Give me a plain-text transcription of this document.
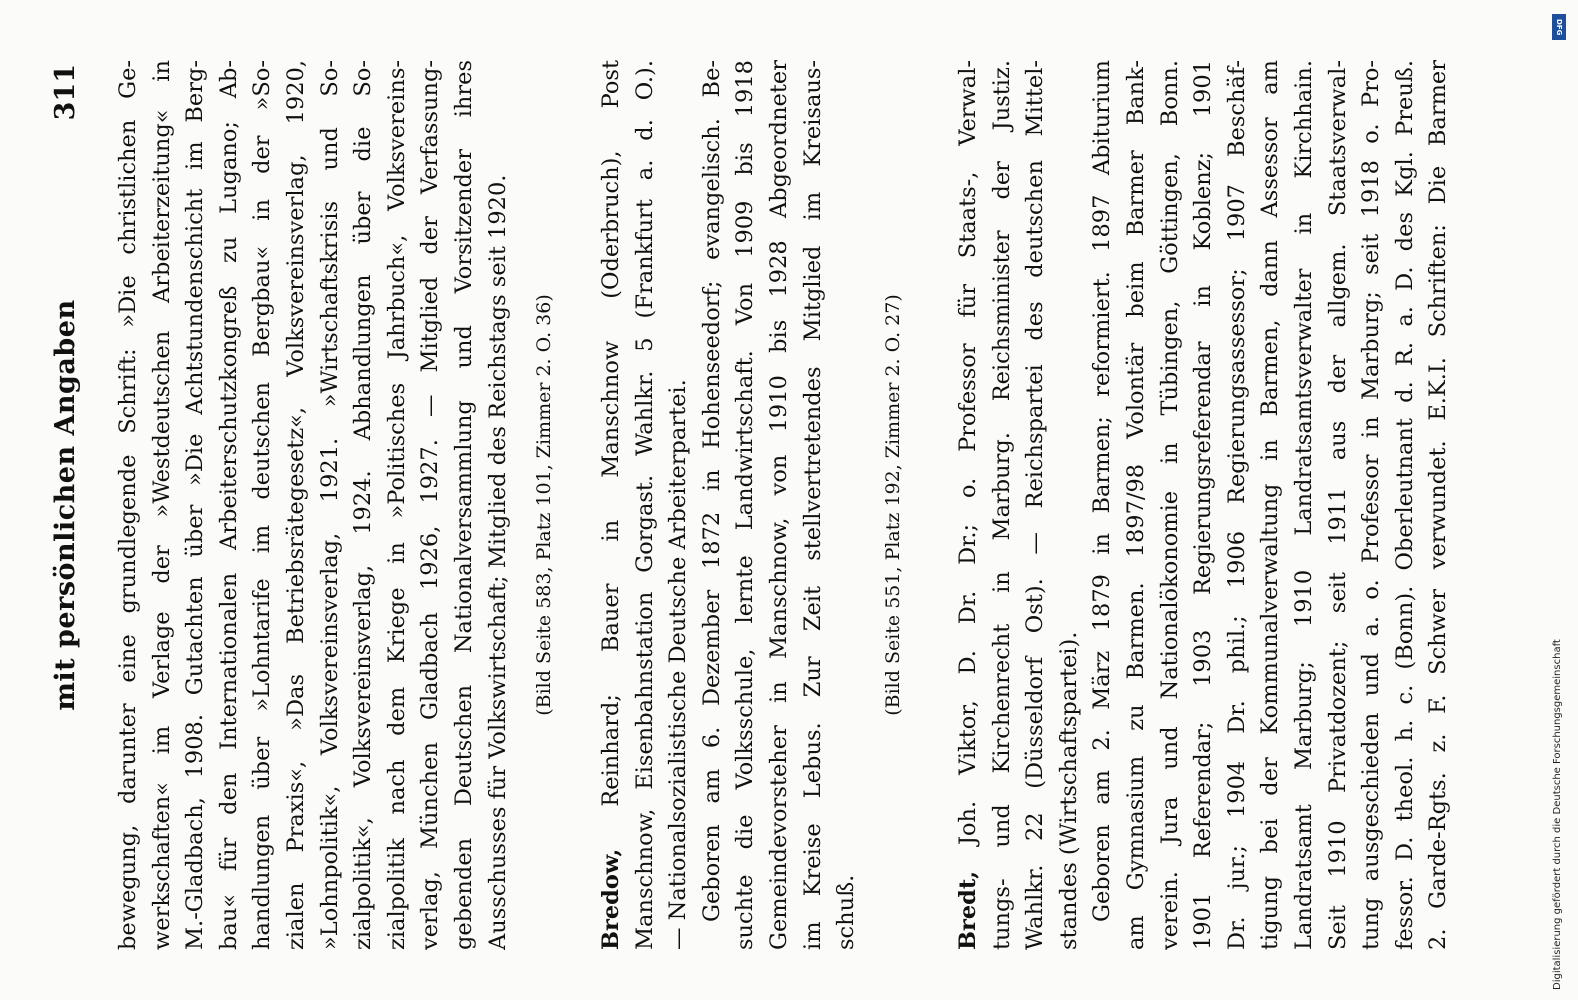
mit persönlichen Angaben
311 bewegung, darunter eine grundlegende Schrift: »Die christlichen Ge- werkschaften« im Verlage der »Westdeutschen Arbeiterzeitung« in M.-Gladbach, 1908. Gutachten über »Die Achtstundenschicht im Berg- bau« für den Internationalen Arbeiterschutzkongreß zu Lugano; Ab- handlungen über »Lohntarife im deutschen Bergbau« in der »So- zialen Praxis«, »Das Betriebsrätegesetz«, Volksvereinsverlag, 1920, »Lohnpolitik«, Volksvereinsverlag, 1921. »Wirtschaftskrisis und So- zialpolitik«, Volksvereinsverlag, 1924. Abhandlungen über die So- zialpolitik nach dem Kriege in »Politisches Jahrbuch«, Volksvereins- verlag, München Gladbach 1926, 1927. — Mitglied der Verfassung- gebenden Deutschen Nationalversammlung und Vorsitzender ihres Ausschusses für Volkswirtschaft; Mitglied des Reichstags seit 1920.	(Bild Seite 583, Platz 101, Zimmer 2. O. 36)
Bredow, Reinhard; Bauer in Manschnow (Oderbruch), Post Manschnow, Eisenbahnstation Gorgast. Wahlkr. 5 (Frankfurt a. d. O.). — Nationalsozialistische Deutsche Arbeiterpartei. Geboren am 6. Dezember 1872 in Hohenseedorf; evangelisch. Be- suchte die Volksschule, lernte Landwirtschaft. Von 1909 bis 1918 Gemeindevorsteher in Manschnow, von 1910 bis 1928 Abgeordneter im Kreise Lebus. Zur Zeit stellvertretendes Mitglied im Kreisaus- schuß.
(Bild Seite 551, Platz 192, Zimmer 2. O. 27)
Bredt, Joh. Viktor, D. Dr. Dr.; o. Professor für Staats-, Verwal- tungs- und Kirchenrecht in Marburg. Reichsminister der Justiz. Wahlkr. 22 (Düsseldorf Ost). — Reichspartei des deutschen Mittel- standes (Wirtschaftspartei). Geboren am 2. März 1879 in Barmen; reformiert. 1897 Abiturium am Gymnasium zu Barmen. 1897/98 Volontär beim Barmer Bank- verein. Jura und Nationalökonomie in Tübingen, Göttingen, Bonn. 1901 Referendar; 1903 Regierungsreferendar in Koblenz; 1901 Dr. jur.; 1904 Dr. phil.; 1906 Regierungsassessor; 1907 Beschäf- tigung bei der Kommunalverwaltung in Barmen, dann Assessor am Landratsamt Marburg; 1910 Landratsamtsverwalter in Kirchhain. Seit 1910 Privatdozent; seit 1911 aus der allgem. Staatsverwal- tung ausgeschieden und a. o. Professor in Marburg; seit 1918 o. Pro- fessor. D. theol. h. c. (Bonn). Oberleutnant d. R. a. D. des Kgl. Preuß. 2. Garde-Rgts. z. F. Schwer verwundet. E.K.I. Schriften: Die Barmer	Digitalisierung gefördert durch die Deutsche Forschungsgemeinschaft
DFG
